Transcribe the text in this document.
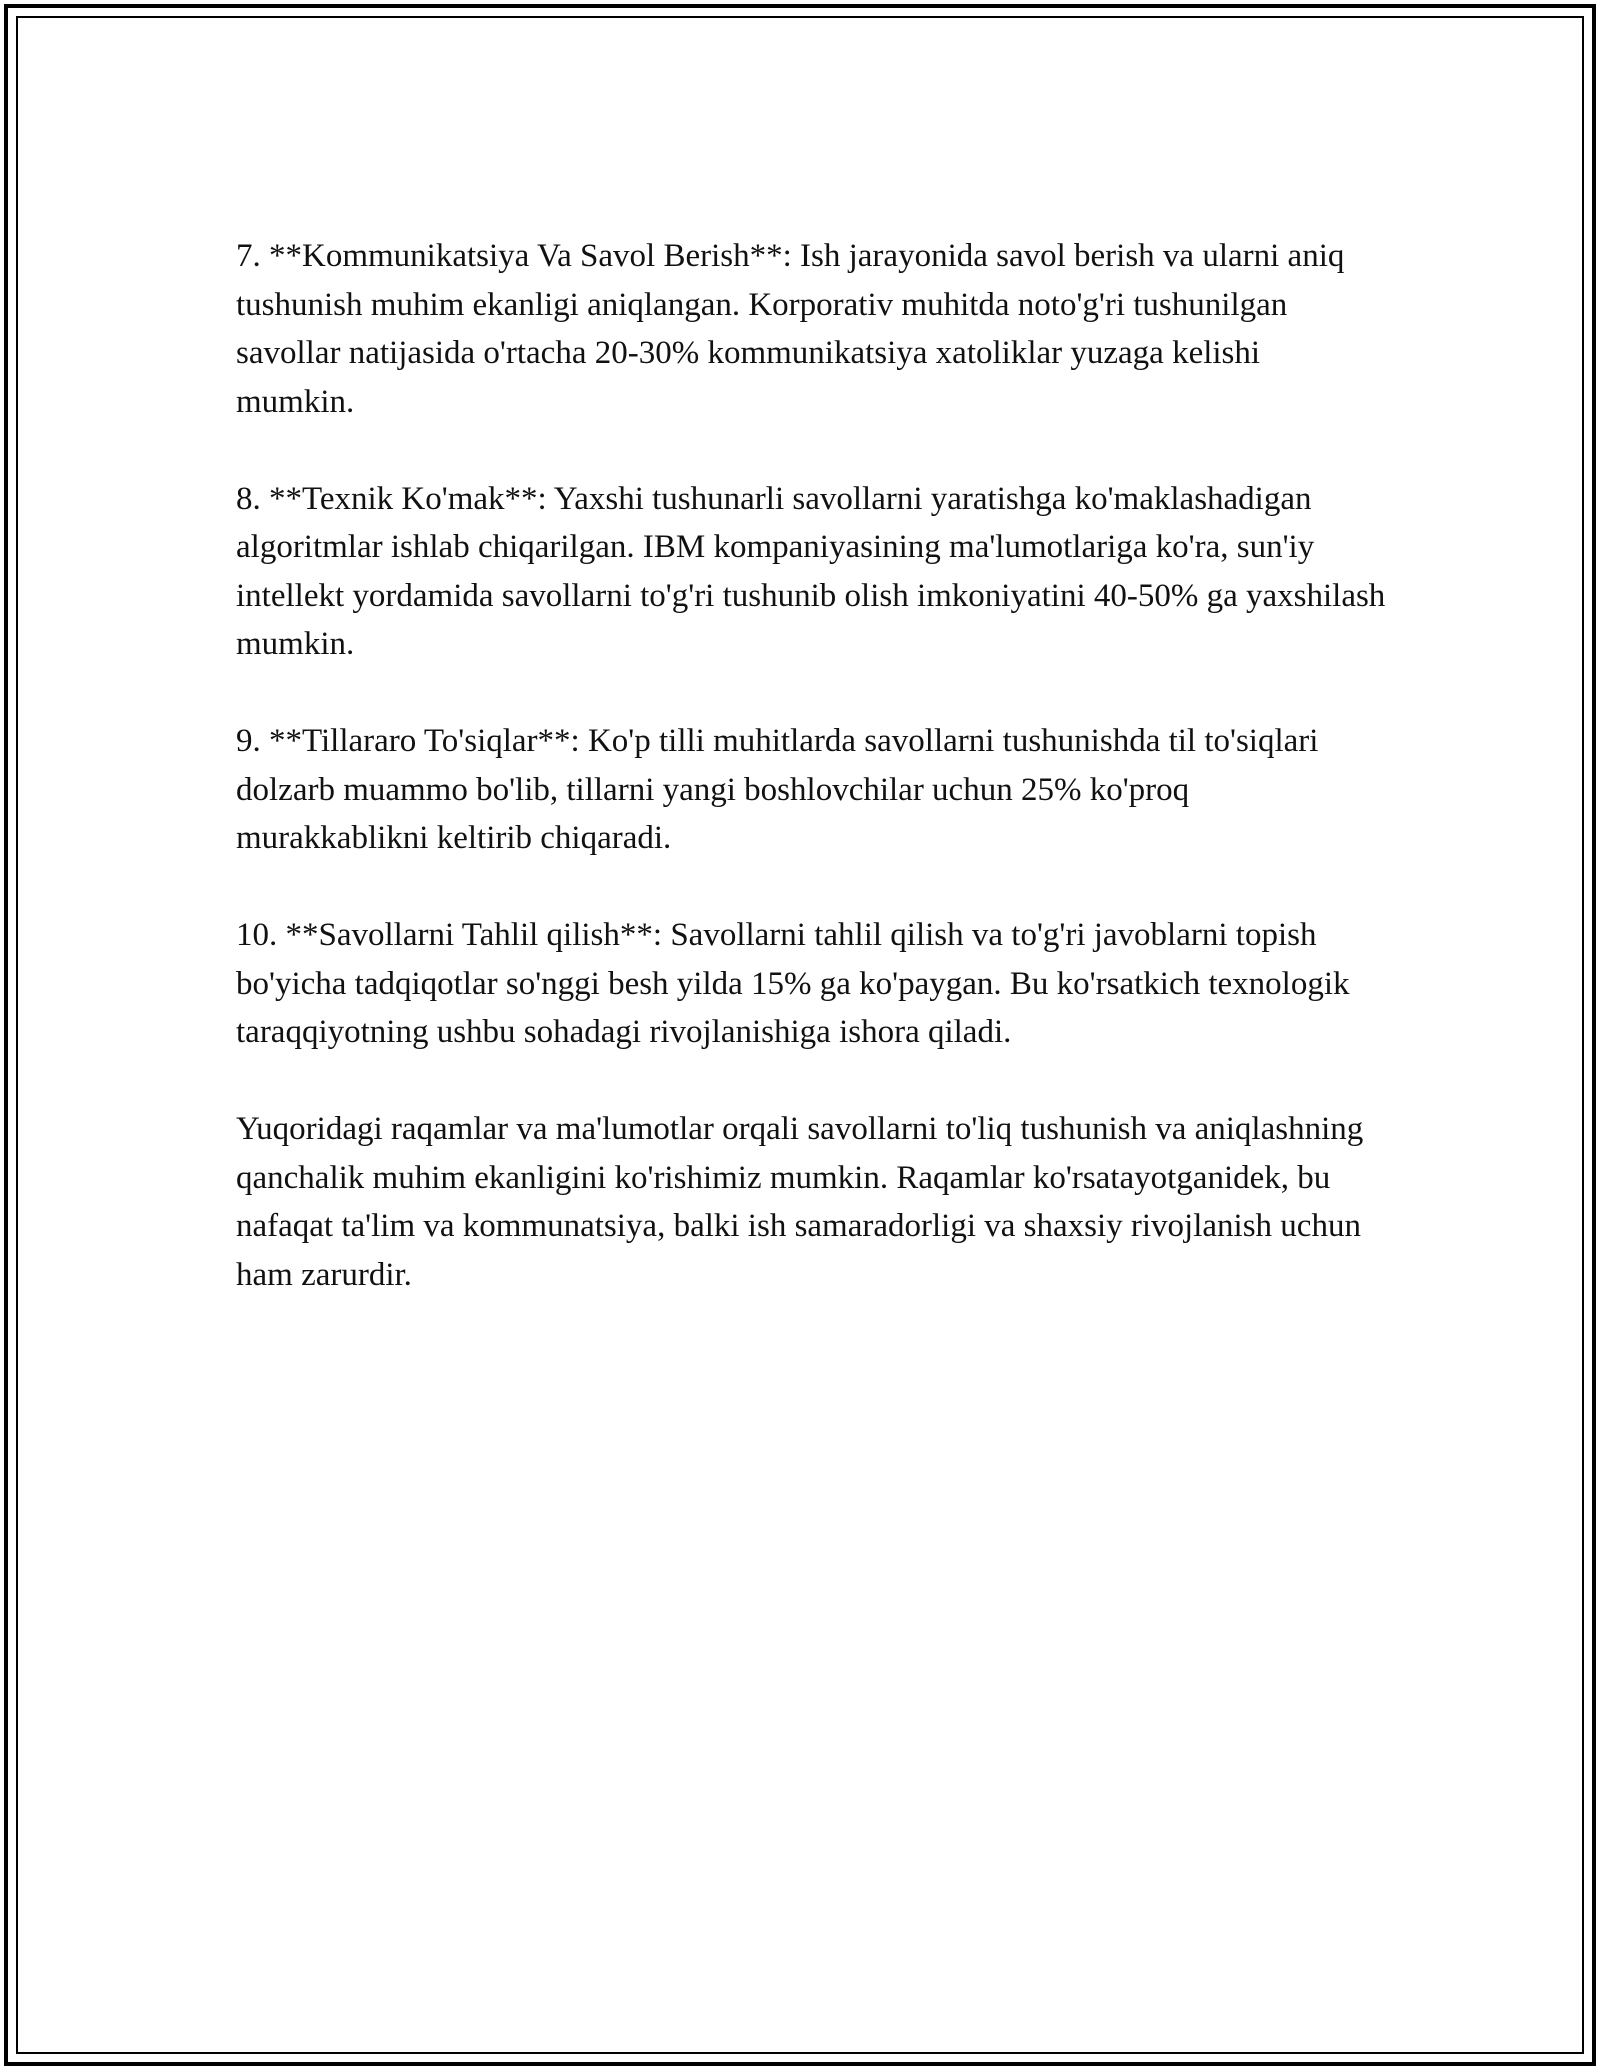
7. **Kommunikatsiya Va Savol Berish**: Ish jarayonida savol berish va ularni aniq tushunish muhim ekanligi aniqlangan. Korporativ muhitda noto'g'ri tushunilgan savollar natijasida o'rtacha 20-30% kommunikatsiya xatoliklar yuzaga kelishi mumkin.

8. **Texnik Ko'mak**: Yaxshi tushunarli savollarni yaratishga ko'maklashadigan algoritmlar ishlab chiqarilgan. IBM kompaniyasining ma'lumotlariga ko'ra, sun'iy intellekt yordamida savollarni to'g'ri tushunib olish imkoniyatini 40-50% ga yaxshilash mumkin.

9. **Tillararo To'siqlar**: Ko'p tilli muhitlarda savollarni tushunishda til to'siqlari dolzarb muammo bo'lib, tillarni yangi boshlovchilar uchun 25% ko'proq murakkablikni keltirib chiqaradi.

10. **Savollarni Tahlil qilish**: Savollarni tahlil qilish va to'g'ri javoblarni topish bo'yicha tadqiqotlar so'nggi besh yilda 15% ga ko'paygan. Bu ko'rsatkich texnologik taraqqiyotning ushbu sohadagi rivojlanishiga ishora qiladi.

Yuqoridagi raqamlar va ma'lumotlar orqali savollarni to'liq tushunish va aniqlashning qanchalik muhim ekanligini ko'rishimiz mumkin. Raqamlar ko'rsatayotganidek, bu nafaqat ta'lim va kommunatsiya, balki ish samaradorligi va shaxsiy rivojlanish uchun ham zarurdir.
